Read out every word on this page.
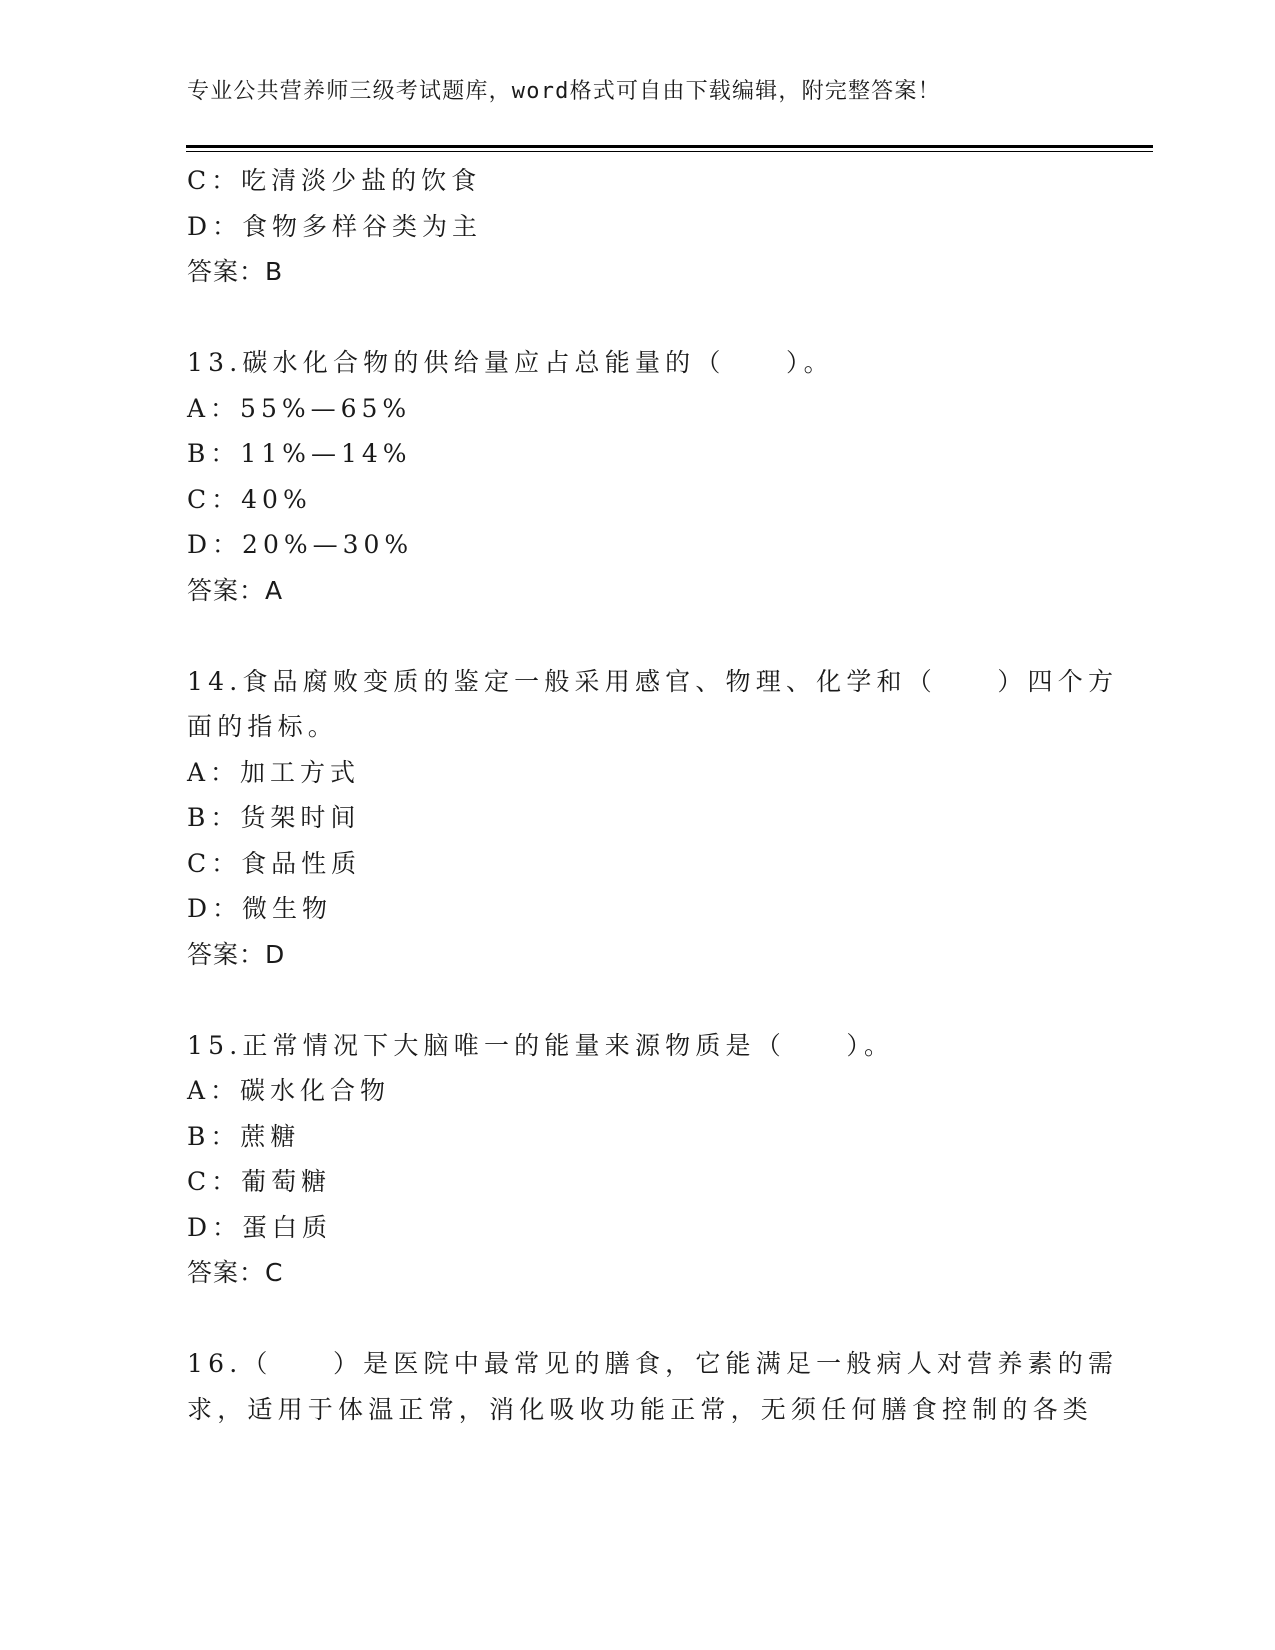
专业公共营养师三级考试题库，word格式可自由下载编辑，附完整答案！
C：吃清淡少盐的饮食
D：食物多样谷类为主
答案：B
13.碳水化合物的供给量应占总能量的（　　）。
A：55%—65%
B：11%—14%
C：40%
D：20%—30%
答案：A
14.食品腐败变质的鉴定一般采用感官、物理、化学和（　　）四个方
面的指标。
A：加工方式
B：货架时间
C：食品性质
D：微生物
答案：D
15.正常情况下大脑唯一的能量来源物质是（　　）。
A：碳水化合物
B：蔗糖
C：葡萄糖
D：蛋白质
答案：C
16.（　　）是医院中最常见的膳食，它能满足一般病人对营养素的需
求，适用于体温正常，消化吸收功能正常，无须任何膳食控制的各类
